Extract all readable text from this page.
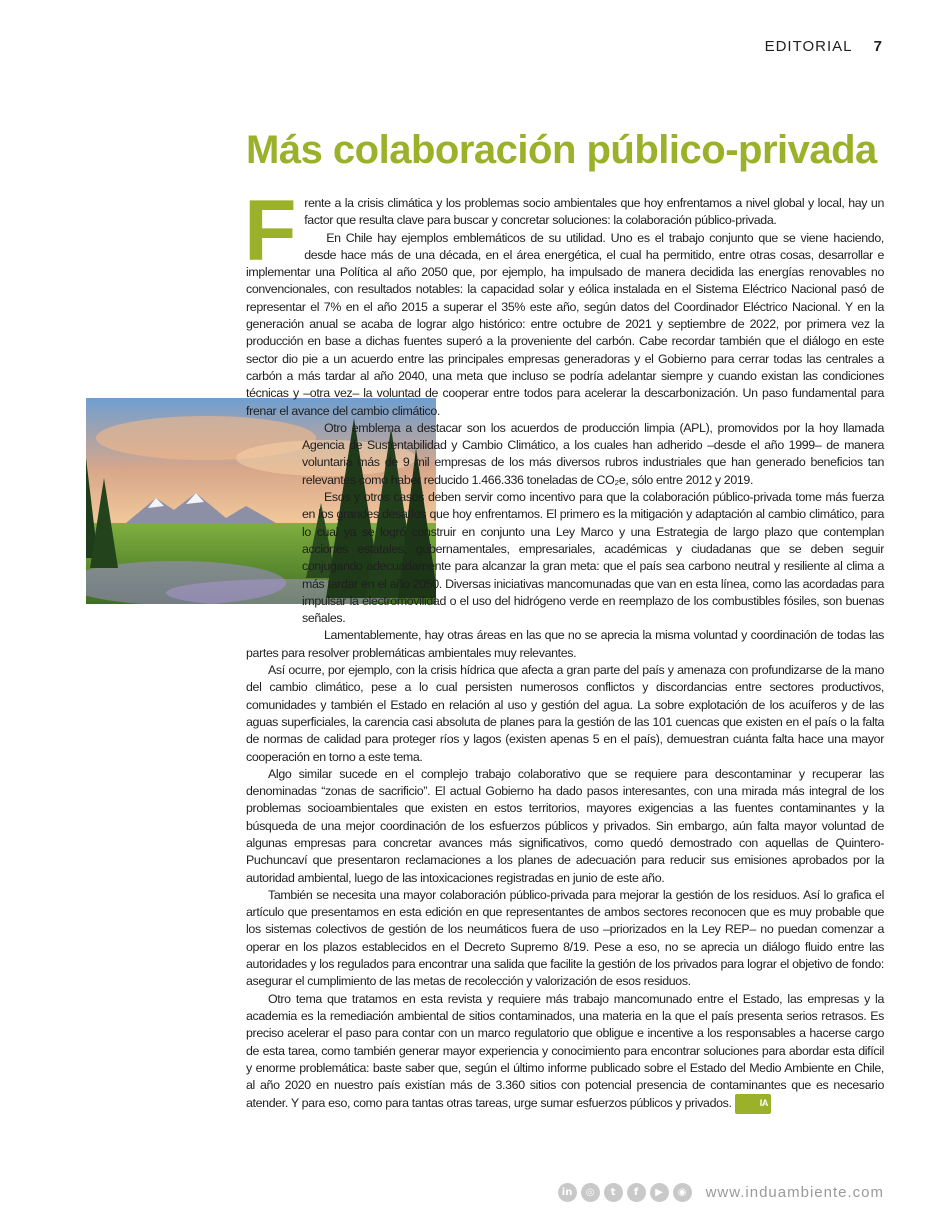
EDITORIAL 7
Más colaboración público-privada
F rente a la crisis climática y los problemas socio ambientales que hoy enfrentamos a nivel global y local, hay un factor que resulta clave para buscar y concretar soluciones: la colaboración público-privada.

En Chile hay ejemplos emblemáticos de su utilidad. Uno es el trabajo conjunto que se viene haciendo, desde hace más de una década, en el área energética, el cual ha permitido, entre otras cosas, desarrollar e implementar una Política al año 2050 que, por ejemplo, ha impulsado de manera decidida las energías renovables no convencionales, con resultados notables: la capacidad solar y eólica instalada en el Sistema Eléctrico Nacional pasó de representar el 7% en el año 2015 a superar el 35% este año, según datos del Coordinador Eléctrico Nacional. Y en la generación anual se acaba de lograr algo histórico: entre octubre de 2021 y septiembre de 2022, por primera vez la producción en base a dichas fuentes superó a la proveniente del carbón. Cabe recordar también que el diálogo en este sector dio pie a un acuerdo entre las principales empresas generadoras y el Gobierno para cerrar todas las centrales a carbón a más tardar al año 2040, una meta que incluso se podría adelantar siempre y cuando existan las condiciones técnicas y –otra vez– la voluntad de cooperar entre todos para acelerar la descarbonización. Un paso fundamental para frenar el avance del cambio climático.

Otro emblema a destacar son los acuerdos de producción limpia (APL), promovidos por la hoy llamada Agencia de Sustentabilidad y Cambio Climático, a los cuales han adherido –desde el año 1999– de manera voluntaria más de 9 mil empresas de los más diversos rubros industriales que han generado beneficios tan relevantes como haber reducido 1.466.336 toneladas de CO₂e, sólo entre 2012 y 2019.

Esos y otros casos deben servir como incentivo para que la colaboración público-privada tome más fuerza en los grandes desafíos que hoy enfrentamos. El primero es la mitigación y adaptación al cambio climático, para lo cual ya se logró construir en conjunto una Ley Marco y una Estrategia de largo plazo que contemplan acciones estatales, gubernamentales, empresariales, académicas y ciudadanas que se deben seguir conjugando adecuadamente para alcanzar la gran meta: que el país sea carbono neutral y resiliente al clima a más tardar en el año 2050. Diversas iniciativas mancomunadas que van en esta línea, como las acordadas para impulsar la electromovilidad o el uso del hidrógeno verde en reemplazo de los combustibles fósiles, son buenas señales.

Lamentablemente, hay otras áreas en las que no se aprecia la misma voluntad y coordinación de todas las partes para resolver problemáticas ambientales muy relevantes.

Así ocurre, por ejemplo, con la crisis hídrica que afecta a gran parte del país y amenaza con profundizarse de la mano del cambio climático, pese a lo cual persisten numerosos conflictos y discordancias entre sectores productivos, comunidades y también el Estado en relación al uso y gestión del agua. La sobre explotación de los acuíferos y de las aguas superficiales, la carencia casi absoluta de planes para la gestión de las 101 cuencas que existen en el país o la falta de normas de calidad para proteger ríos y lagos (existen apenas 5 en el país), demuestran cuánta falta hace una mayor cooperación en torno a este tema.

Algo similar sucede en el complejo trabajo colaborativo que se requiere para descontaminar y recuperar las denominadas “zonas de sacrificio”. El actual Gobierno ha dado pasos interesantes, con una mirada más integral de los problemas socioambientales que existen en estos territorios, mayores exigencias a las fuentes contaminantes y la búsqueda de una mejor coordinación de los esfuerzos públicos y privados. Sin embargo, aún falta mayor voluntad de algunas empresas para concretar avances más significativos, como quedó demostrado con aquellas de Quintero-Puchuncaví que presentaron reclamaciones a los planes de adecuación para reducir sus emisiones aprobados por la autoridad ambiental, luego de las intoxicaciones registradas en junio de este año.

También se necesita una mayor colaboración público-privada para mejorar la gestión de los residuos. Así lo grafica el artículo que presentamos en esta edición en que representantes de ambos sectores reconocen que es muy probable que los sistemas colectivos de gestión de los neumáticos fuera de uso –priorizados en la Ley REP– no puedan comenzar a operar en los plazos establecidos en el Decreto Supremo 8/19. Pese a eso, no se aprecia un diálogo fluido entre las autoridades y los regulados para encontrar una salida que facilite la gestión de los privados para lograr el objetivo de fondo: asegurar el cumplimiento de las metas de recolección y valorización de esos residuos.

Otro tema que tratamos en esta revista y requiere más trabajo mancomunado entre el Estado, las empresas y la academia es la remediación ambiental de sitios contaminados, una materia en la que el país presenta serios retrasos. Es preciso acelerar el paso para contar con un marco regulatorio que obligue e incentive a los responsables a hacerse cargo de esta tarea, como también generar mayor experiencia y conocimiento para encontrar soluciones para abordar esta difícil y enorme problemática: baste saber que, según el último informe publicado sobre el Estado del Medio Ambiente en Chile, al año 2020 en nuestro país existían más de 3.360 sitios con potencial presencia de contaminantes que es necesario atender. Y para eso, como para tantas otras tareas, urge sumar esfuerzos públicos y privados.	IA

in	◎	t	f	▶	◉	www.induambiente.com
